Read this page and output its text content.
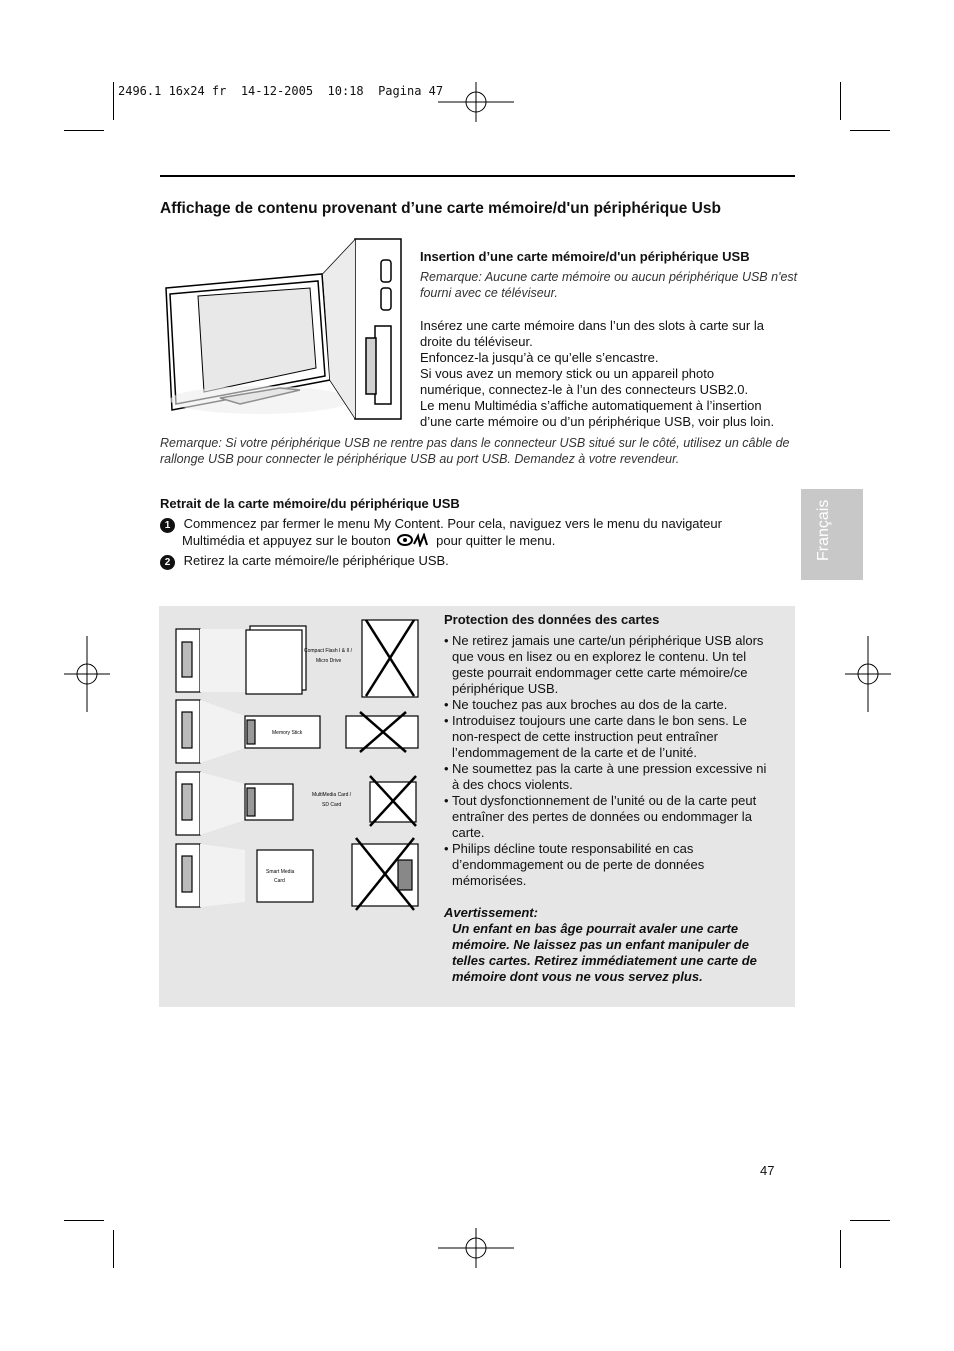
2496.1 16x24 fr  14-12-2005  10:18  Pagina 47
Affichage de contenu provenant d’une carte mémoire/d'un périphérique Usb
Insertion d’une carte mémoire/d'un périphérique USB
Remarque: Aucune carte mémoire ou aucun périphérique USB n'est
fourni avec ce téléviseur.
Insérez une carte mémoire dans l’un des slots à carte sur la
droite du téléviseur.
Enfoncez-la jusqu’à ce qu’elle s’encastre.
Si vous avez un memory stick ou un appareil photo
numérique, connectez-le à l’un des connecteurs USB2.0.
Le menu Multimédia s’affiche automatiquement à l’insertion
d’une carte mémoire ou d’un périphérique USB, voir plus loin.
Remarque: Si votre périphérique USB ne rentre pas dans le connecteur USB situé sur le côté, utilisez un câble de
rallonge USB pour connecter le périphérique USB au port USB. Demandez à votre revendeur.
Retrait de la carte mémoire/du périphérique USB
1 Commencez par fermer le menu My Content. Pour cela, naviguez vers le menu du navigateur
Multimédia et appuyez sur le bouton	pour quitter le menu.
2 Retirez la carte mémoire/le périphérique USB.	Français
Compact Flash I & II /
Micro Drive
Memory Stick
MultiMedia Card /
SD Card
Smart Media
Card
Protection des données des cartes
• Ne retirez jamais une carte/un périphérique USB alors
que vous en lisez ou en explorez le contenu. Un tel
geste pourrait endommager cette carte mémoire/ce
périphérique USB.
• Ne touchez pas aux broches au dos de la carte.
• Introduisez toujours une carte dans le bon sens. Le
non-respect de cette instruction peut entraîner
l’endommagement de la carte et de l’unité.
• Ne soumettez pas la carte à une pression excessive ni
à des chocs violents.
• Tout dysfonctionnement de l’unité ou de la carte peut
entraîner des pertes de données ou endommager la
carte.
• Philips décline toute responsabilité en cas
d’endommagement ou de perte de données
mémorisées.
Avertissement:
Un enfant en bas âge pourrait avaler une carte
mémoire. Ne laissez pas un enfant manipuler de
telles cartes. Retirez immédiatement une carte de
mémoire dont vous ne vous servez plus.
47
